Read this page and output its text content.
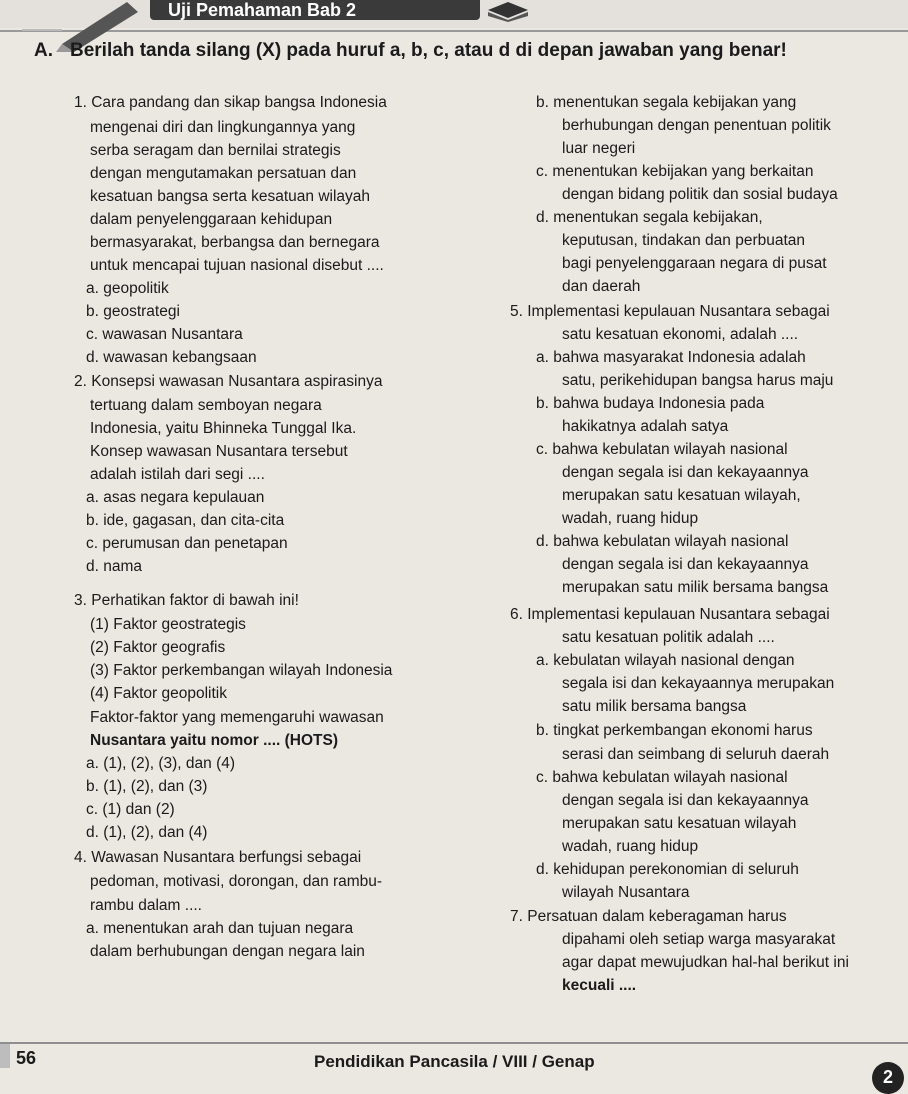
Uji Pemahaman Bab 2
A. Berilah tanda silang (X) pada huruf a, b, c, atau d di depan jawaban yang benar!
1. Cara pandang dan sikap bangsa Indonesia
mengenai diri dan lingkungannya yang
serba seragam dan bernilai strategis
dengan mengutamakan persatuan dan
kesatuan bangsa serta kesatuan wilayah
dalam penyelenggaraan kehidupan
bermasyarakat, berbangsa dan bernegara
untuk mencapai tujuan nasional disebut ....
a. geopolitik
b. geostrategi
c. wawasan Nusantara
d. wawasan kebangsaan
2. Konsepsi wawasan Nusantara aspirasinya
tertuang dalam semboyan negara
Indonesia, yaitu Bhinneka Tunggal Ika.
Konsep wawasan Nusantara tersebut
adalah istilah dari segi ....
a. asas negara kepulauan
b. ide, gagasan, dan cita-cita
c. perumusan dan penetapan
d. nama
3. Perhatikan faktor di bawah ini!
(1) Faktor geostrategis
(2) Faktor geografis
(3) Faktor perkembangan wilayah Indonesia
(4) Faktor geopolitik
Faktor-faktor yang memengaruhi wawasan
Nusantara yaitu nomor .... (HOTS)
a. (1), (2), (3), dan (4)
b. (1), (2), dan (3)
c. (1) dan (2)
d. (1), (2), dan (4)
4. Wawasan Nusantara berfungsi sebagai
pedoman, motivasi, dorongan, dan rambu-
rambu dalam ....
a. menentukan arah dan tujuan negara
dalam berhubungan dengan negara lain
b. menentukan segala kebijakan yang
berhubungan dengan penentuan politik
luar negeri
c. menentukan kebijakan yang berkaitan
dengan bidang politik dan sosial budaya
d. menentukan segala kebijakan,
keputusan, tindakan dan perbuatan
bagi penyelenggaraan negara di pusat
dan daerah
5. Implementasi kepulauan Nusantara sebagai
satu kesatuan ekonomi, adalah ....
a. bahwa masyarakat Indonesia adalah
satu, perikehidupan bangsa harus maju
b. bahwa budaya Indonesia pada
hakikatnya adalah satya
c. bahwa kebulatan wilayah nasional
dengan segala isi dan kekayaannya
merupakan satu kesatuan wilayah,
wadah, ruang hidup
d. bahwa kebulatan wilayah nasional
dengan segala isi dan kekayaannya
merupakan satu milik bersama bangsa
6. Implementasi kepulauan Nusantara sebagai
satu kesatuan politik adalah ....
a. kebulatan wilayah nasional dengan
segala isi dan kekayaannya merupakan
satu milik bersama bangsa
b. tingkat perkembangan ekonomi harus
serasi dan seimbang di seluruh daerah
c. bahwa kebulatan wilayah nasional
dengan segala isi dan kekayaannya
merupakan satu kesatuan wilayah
wadah, ruang hidup
d. kehidupan perekonomian di seluruh
wilayah Nusantara
7. Persatuan dalam keberagaman harus
dipahami oleh setiap warga masyarakat
agar dapat mewujudkan hal-hal berikut ini
kecuali ....
56	Pendidikan Pancasila / VIII / Genap
2
